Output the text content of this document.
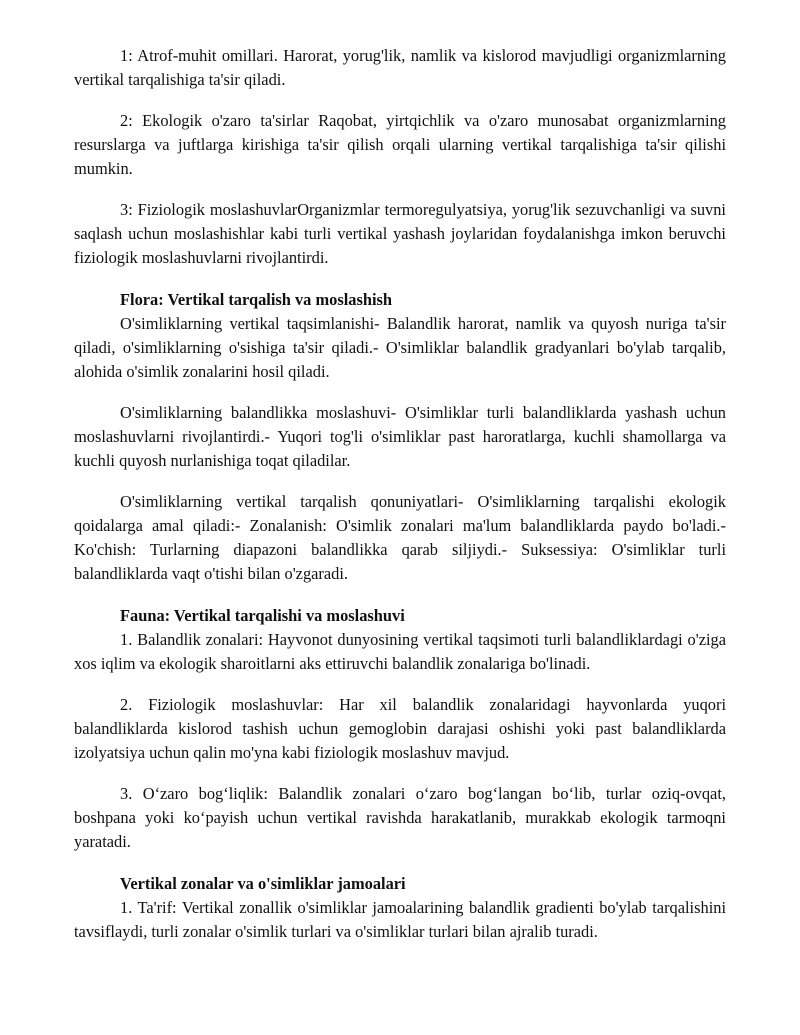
1: Atrof-muhit omillari. Harorat, yorug'lik, namlik va kislorod mavjudligi organizmlarning vertikal tarqalishiga ta'sir qiladi.

2: Ekologik o'zaro ta'sirlar Raqobat, yirtqichlik va o'zaro munosabat organizmlarning resurslarga va juftlarga kirishiga ta'sir qilish orqali ularning vertikal tarqalishiga ta'sir qilishi mumkin.

3: Fiziologik moslashuvlarOrganizmlar termoregulyatsiya, yorug'lik sezuvchanligi va suvni saqlash uchun moslashishlar kabi turli vertikal yashash joylaridan foydalanishga imkon beruvchi fiziologik moslashuvlarni rivojlantirdi.

Flora: Vertikal tarqalish va moslashish

O'simliklarning vertikal taqsimlanishi- Balandlik harorat, namlik va quyosh nuriga ta'sir qiladi, o'simliklarning o'sishiga ta'sir qiladi.- O'simliklar balandlik gradyanlari bo'ylab tarqalib, alohida o'simlik zonalarini hosil qiladi.

O'simliklarning balandlikka moslashuvi- O'simliklar turli balandliklarda yashash uchun moslashuvlarni rivojlantirdi.- Yuqori tog'li o'simliklar past haroratlarga, kuchli shamollarga va kuchli quyosh nurlanishiga toqat qiladilar.

O'simliklarning vertikal tarqalish qonuniyatlari- O'simliklarning tarqalishi ekologik qoidalarga amal qiladi:- Zonalanish: O'simlik zonalari ma'lum balandliklarda paydo bo'ladi.- Ko'chish: Turlarning diapazoni balandlikka qarab siljiydi.- Suksessiya: O'simliklar turli balandliklarda vaqt o'tishi bilan o'zgaradi.

Fauna: Vertikal tarqalishi va moslashuvi

1. Balandlik zonalari: Hayvonot dunyosining vertikal taqsimoti turli balandliklardagi o'ziga xos iqlim va ekologik sharoitlarni aks ettiruvchi balandlik zonalariga bo'linadi.

2. Fiziologik moslashuvlar: Har xil balandlik zonalaridagi hayvonlarda yuqori balandliklarda kislorod tashish uchun gemoglobin darajasi oshishi yoki past balandliklarda izolyatsiya uchun qalin mo'yna kabi fiziologik moslashuv mavjud.

3. O‘zaro bog‘liqlik: Balandlik zonalari o‘zaro bog‘langan bo‘lib, turlar oziq-ovqat, boshpana yoki ko‘payish uchun vertikal ravishda harakatlanib, murakkab ekologik tarmoqni yaratadi.

Vertikal zonalar va o'simliklar jamoalari

1. Ta'rif: Vertikal zonallik o'simliklar jamoalarining balandlik gradienti bo'ylab tarqalishini tavsiflaydi, turli zonalar o'simlik turlari va o'simliklar turlari bilan ajralib turadi.
